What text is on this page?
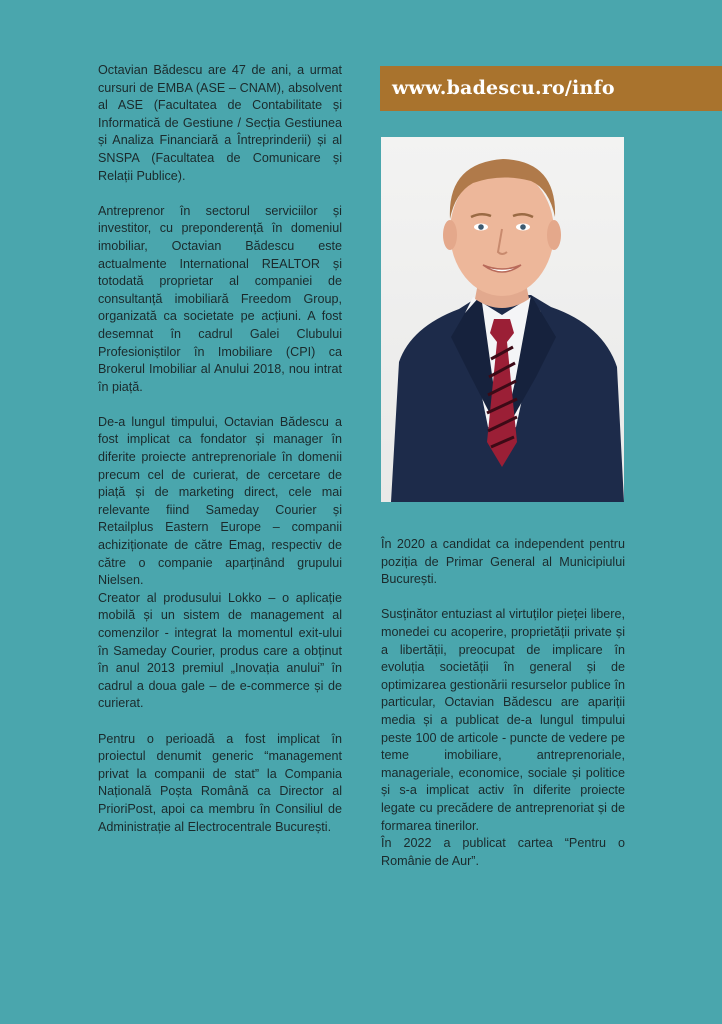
Octavian Bădescu are 47 de ani, a urmat cursuri de EMBA (ASE – CNAM), absolvent al ASE (Facultatea de Contabilitate și Informatică de Gestiune / Secția Gestiunea și Analiza Financiară a Întreprinderii) și al SNSPA (Facultatea de Comunicare și Relații Publice).

Antreprenor în sectorul serviciilor și investitor, cu preponderență în domeniul imobiliar, Octavian Bădescu este actualmente International REALTOR și totodată proprietar al companiei de consultanță imobiliară Freedom Group, organizată ca societate pe acțiuni. A fost desemnat în cadrul Galei Clubului Profesioniștilor în Imobiliare (CPI) ca Brokerul Imobiliar al Anului 2018, nou intrat în piață.

De-a lungul timpului, Octavian Bădescu a fost implicat ca fondator și manager în diferite proiecte antreprenoriale în domenii precum cel de curierat, de cercetare de piață și de marketing direct, cele mai relevante fiind Sameday Courier și Retailplus Eastern Europe – companii achiziționate de către Emag, respectiv de către o companie aparținând grupului Nielsen.

Creator al produsului Lokko – o aplicație mobilă și un sistem de management al comenzilor - integrat la momentul exit-ului în Sameday Courier, produs care a obținut în anul 2013 premiul „Inovația anului” în cadrul a doua gale – de e-commerce și de curierat.

Pentru o perioadă a fost implicat în proiectul denumit generic “management privat la companii de stat” la Compania Națională Poșta Română ca Director al PrioriPost, apoi ca membru în Consiliul de Administrație al Electrocentrale București.

www.badescu.ro/info

În 2020 a candidat ca independent pentru poziția de Primar General al Municipiului București.

Susținător entuziast al virtuților pieței libere, monedei cu acoperire, proprietății private și a libertății, preocupat de implicare în evoluția societății în general și de optimizarea gestionării resurselor publice în particular, Octavian Bădescu are apariții media și a publicat de-a lungul timpului peste 100 de articole - puncte de vedere pe teme imobiliare, antreprenoriale, manageriale, economice, sociale și politice și s-a implicat activ în diferite proiecte legate cu precădere de antreprenoriat și de formarea tinerilor.

În 2022 a publicat cartea “Pentru o Românie de Aur”.
